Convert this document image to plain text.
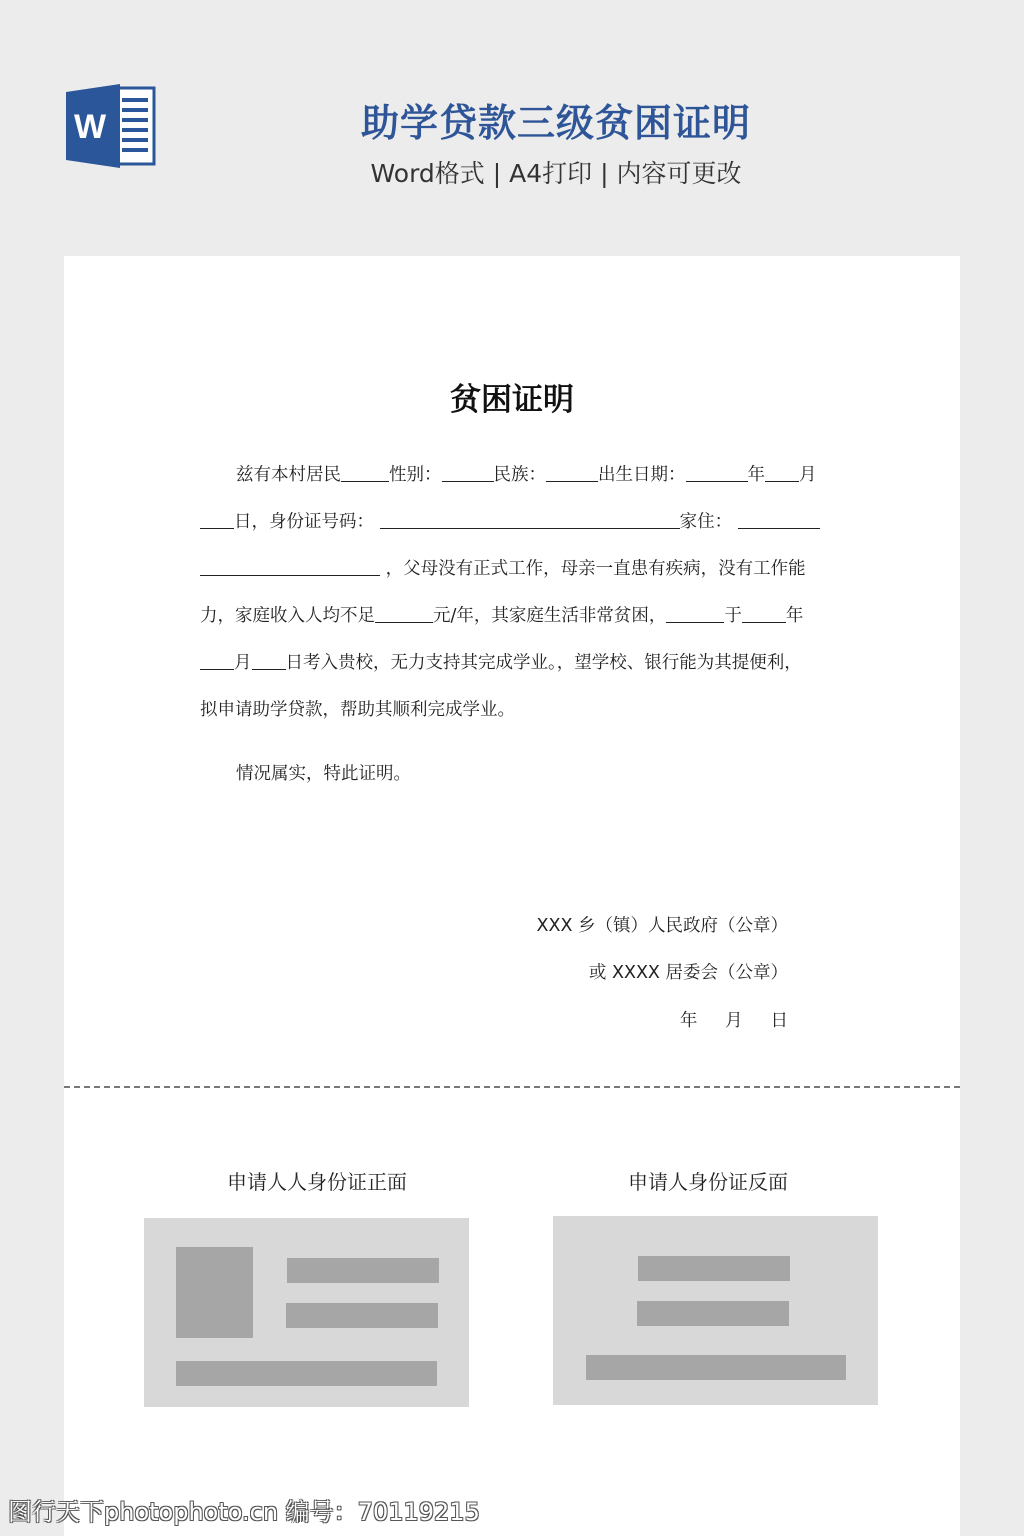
W	助学贷款三级贫困证明
Word格式 | A4打印 | 内容可更改
贫困证明
兹有本村居民	性别：	民族：	出生日期：	年 月
日，身份证号码：	家住：
，父母没有正式工作，母亲一直患有疾病，没有工作能
力，家庭收入人均不足	元/年，其家庭生活非常贫困，	于	年
月 日考入贵校，无力支持其完成学业。，望学校、银行能为其提便利，
拟申请助学贷款，帮助其顺利完成学业。
情况属实，特此证明。
XXX 乡（镇）人民政府（公章）
或 XXXX 居委会（公章）
年     月     日
申请人人身份证正面	申请人身份证反面
图行天下photophoto.cn 编号：70119215
